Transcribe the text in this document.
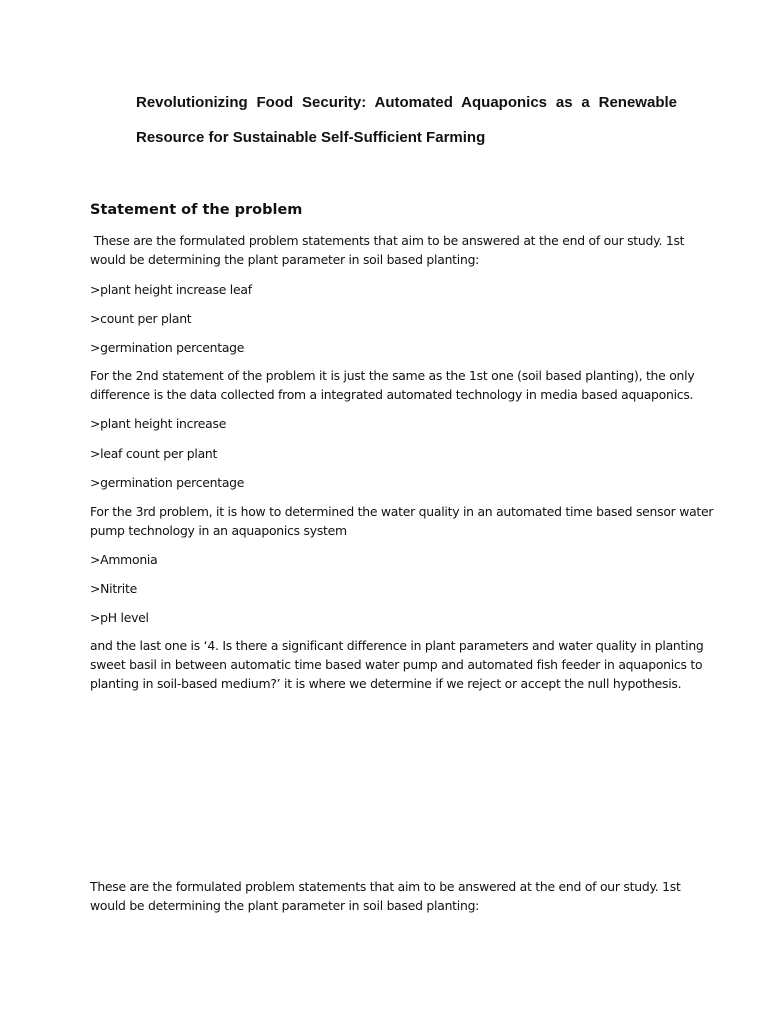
Revolutionizing Food Security: Automated Aquaponics as a Renewable

Resource for Sustainable Self-Sufficient Farming

Statement of the problem

These are the formulated problem statements that aim to be answered at the end of our study. 1st
would be determining the plant parameter in soil based planting:

>plant height increase leaf

>count per plant

>germination percentage

For the 2nd statement of the problem it is just the same as the 1st one (soil based planting), the only
difference is the data collected from a integrated automated technology in media based aquaponics.

>plant height increase

>leaf count per plant

>germination percentage

For the 3rd problem, it is how to determined the water quality in an automated time based sensor water
pump technology in an aquaponics system

>Ammonia

>Nitrite

>pH level

and the last one is ‘4. Is there a significant difference in plant parameters and water quality in planting
sweet basil in between automatic time based water pump and automated fish feeder in aquaponics to
planting in soil-based medium?’ it is where we determine if we reject or accept the null hypothesis.

These are the formulated problem statements that aim to be answered at the end of our study. 1st
would be determining the plant parameter in soil based planting:
